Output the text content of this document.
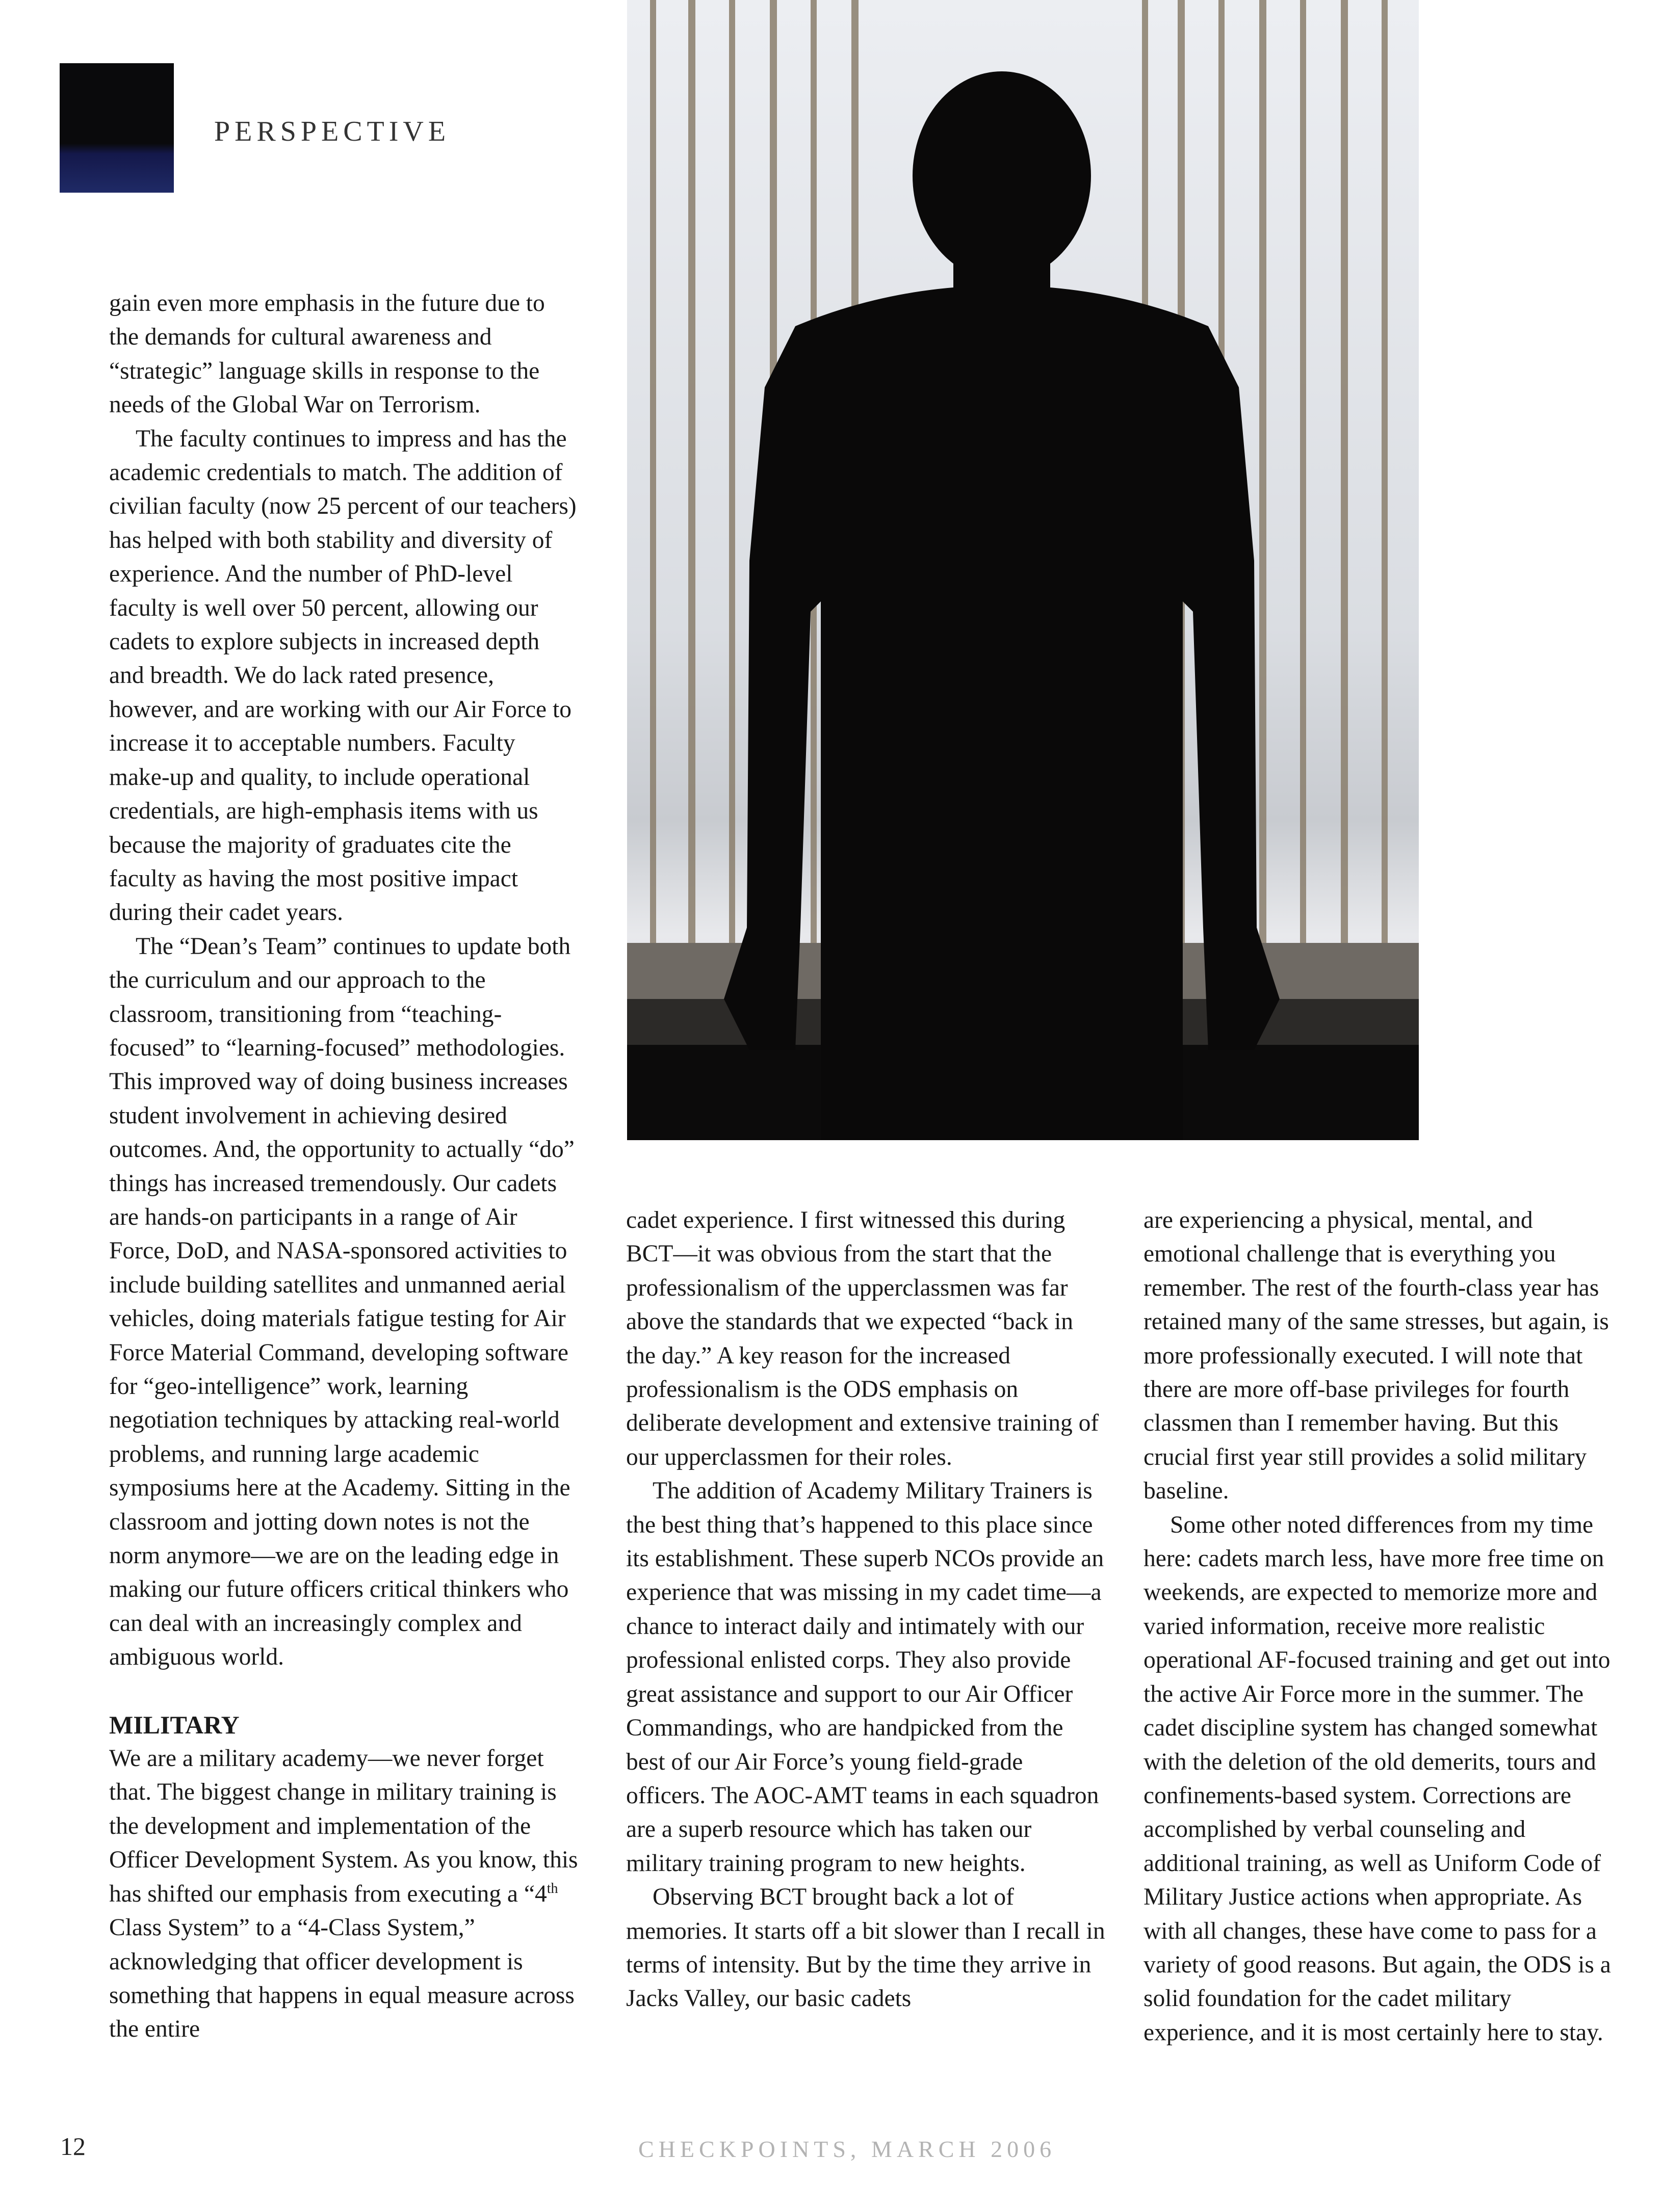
PERSPECTIVE

gain even more emphasis in the future due to the demands for cultural awareness and “strategic” language skills in response to the needs of the Global War on Terrorism.

The faculty continues to impress and has the academic credentials to match. The addition of civilian faculty (now 25 percent of our teachers) has helped with both stability and diversity of experience. And the number of PhD-level faculty is well over 50 percent, allowing our cadets to explore subjects in increased depth and breadth. We do lack rated presence, however, and are working with our Air Force to increase it to acceptable numbers. Faculty make-up and quality, to include operational credentials, are high-emphasis items with us because the majority of graduates cite the faculty as having the most positive impact during their cadet years.

The “Dean’s Team” continues to update both the curriculum and our approach to the classroom, transitioning from “teaching-focused” to “learning-focused” methodologies. This improved way of doing business increases student involvement in achieving desired outcomes. And, the opportunity to actually “do” things has increased tremendously. Our cadets are hands-on participants in a range of Air Force, DoD, and NASA-sponsored activities to include building satellites and unmanned aerial vehicles, doing materials fatigue testing for Air Force Material Command, developing software for “geo-intelligence” work, learning negotiation techniques by attacking real-world problems, and running large academic symposiums here at the Academy. Sitting in the classroom and jotting down notes is not the norm anymore—we are on the leading edge in making our future officers critical thinkers who can deal with an increasingly complex and ambiguous world.

MILITARY

We are a military academy—we never forget that. The biggest change in military training is the development and implementation of the Officer Development System. As you know, this has shifted our emphasis from executing a “4th Class System” to a “4-Class System,” acknowledging that officer development is something that happens in equal measure across the entire

cadet experience. I first witnessed this during BCT—it was obvious from the start that the professionalism of the upperclassmen was far above the standards that we expected “back in the day.” A key reason for the increased professionalism is the ODS emphasis on deliberate development and extensive training of our upperclassmen for their roles.

The addition of Academy Military Trainers is the best thing that’s happened to this place since its establishment. These superb NCOs provide an experience that was missing in my cadet time—a chance to interact daily and intimately with our professional enlisted corps. They also provide great assistance and support to our Air Officer Commandings, who are handpicked from the best of our Air Force’s young field-grade officers. The AOC-AMT teams in each squadron are a superb resource which has taken our military training program to new heights.

Observing BCT brought back a lot of memories. It starts off a bit slower than I recall in terms of intensity. But by the time they arrive in Jacks Valley, our basic cadets

are experiencing a physical, mental, and emotional challenge that is everything you remember. The rest of the fourth-class year has retained many of the same stresses, but again, is more professionally executed. I will note that there are more off-base privileges for fourth classmen than I remember having. But this crucial first year still provides a solid military baseline.

Some other noted differences from my time here: cadets march less, have more free time on weekends, are expected to memorize more and varied information, receive more realistic operational AF-focused training and get out into the active Air Force more in the summer. The cadet discipline system has changed somewhat with the deletion of the old demerits, tours and confinements-based system. Corrections are accomplished by verbal counseling and additional training, as well as Uniform Code of Military Justice actions when appropriate. As with all changes, these have come to pass for a variety of good reasons. But again, the ODS is a solid foundation for the cadet military experience, and it is most certainly here to stay.

12	CHECKPOINTS, MARCH 2006
